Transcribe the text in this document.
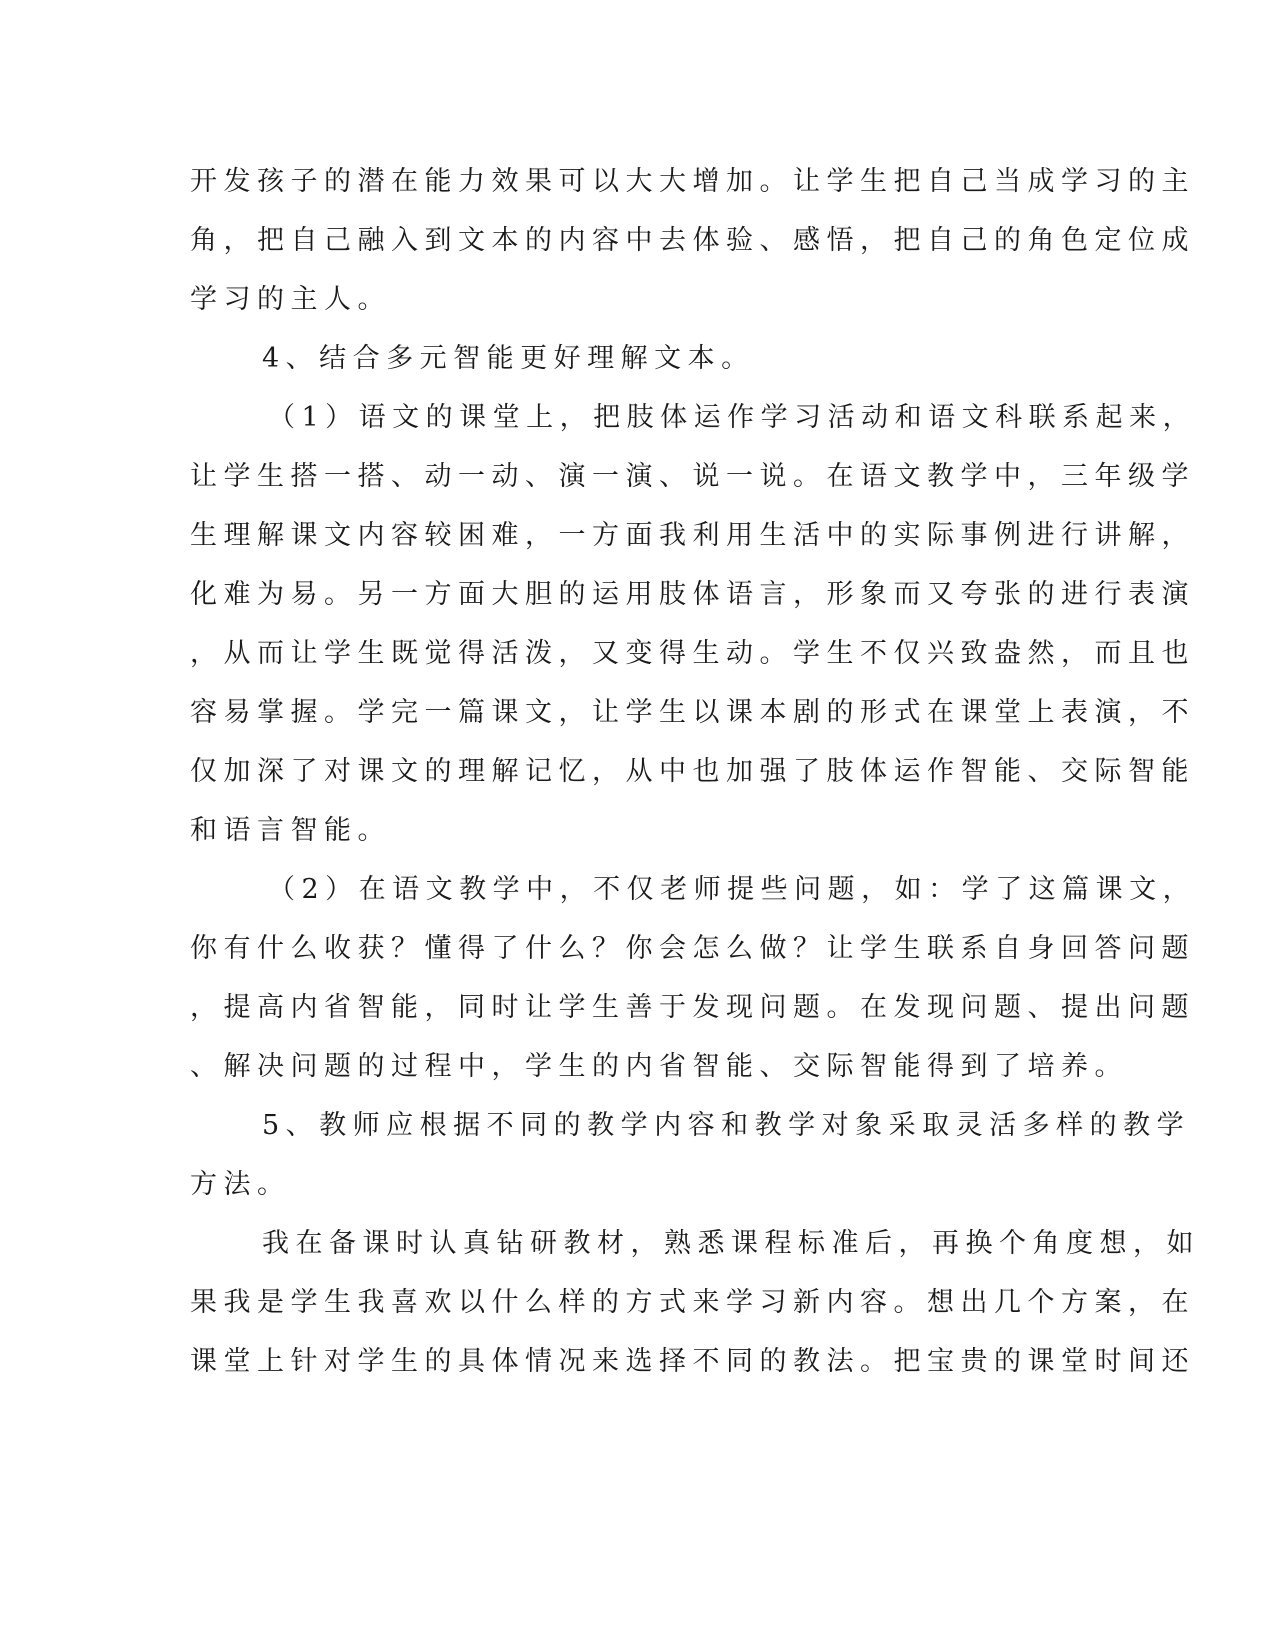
开发孩子的潜在能力效果可以大大增加。让学生把自己当成学习的主
角，把自己融入到文本的内容中去体验、感悟，把自己的角色定位成
学习的主人。
4、结合多元智能更好理解文本。
（1）语文的课堂上，把肢体运作学习活动和语文科联系起来，
让学生搭一搭、动一动、演一演、说一说。在语文教学中，三年级学
生理解课文内容较困难，一方面我利用生活中的实际事例进行讲解，
化难为易。另一方面大胆的运用肢体语言，形象而又夸张的进行表演
，从而让学生既觉得活泼，又变得生动。学生不仅兴致盎然，而且也
容易掌握。学完一篇课文，让学生以课本剧的形式在课堂上表演，不
仅加深了对课文的理解记忆，从中也加强了肢体运作智能、交际智能
和语言智能。
（2）在语文教学中，不仅老师提些问题，如：学了这篇课文，
你有什么收获？懂得了什么？你会怎么做？让学生联系自身回答问题
，提高内省智能，同时让学生善于发现问题。在发现问题、提出问题
、解决问题的过程中，学生的内省智能、交际智能得到了培养。
5、教师应根据不同的教学内容和教学对象采取灵活多样的教学
方法。
我在备课时认真钻研教材，熟悉课程标准后，再换个角度想，如
果我是学生我喜欢以什么样的方式来学习新内容。想出几个方案，在
课堂上针对学生的具体情况来选择不同的教法。把宝贵的课堂时间还
